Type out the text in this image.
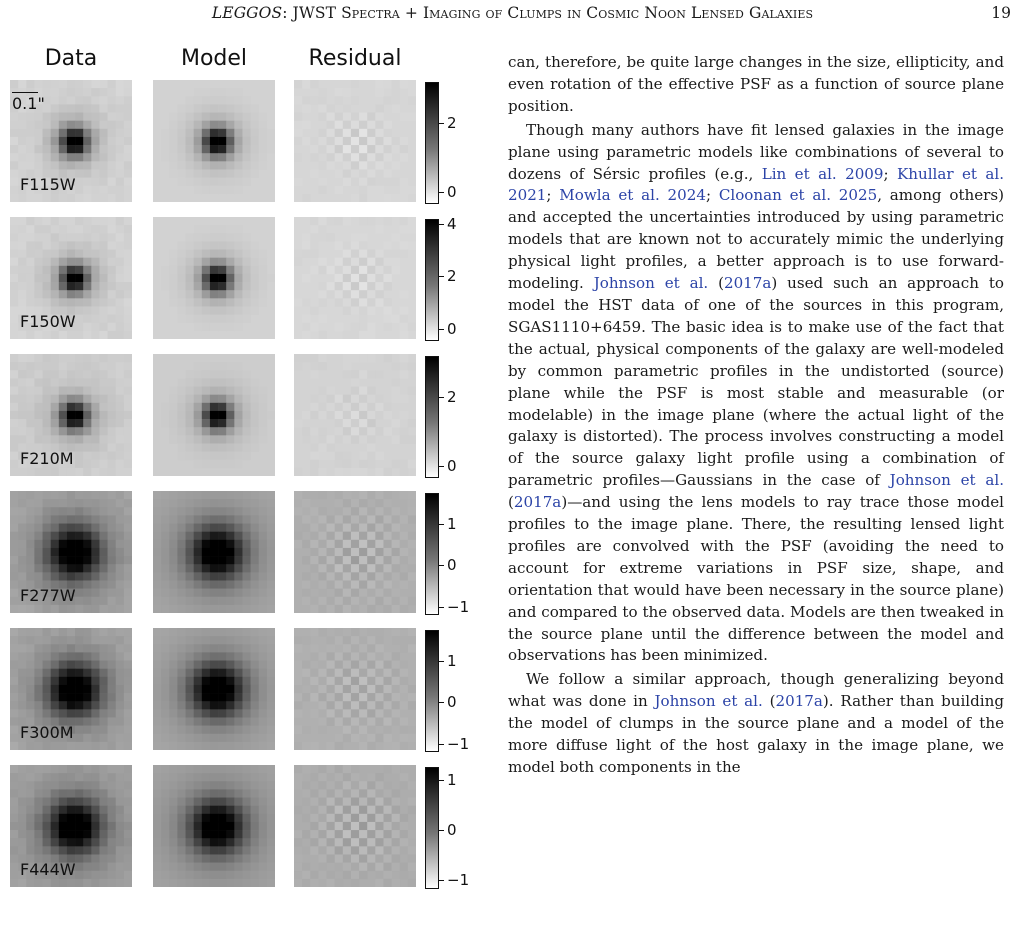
LEGGOS: JWST Spectra + Imaging of Clumps in Cosmic Noon Lensed Galaxies	19
Data	Model	Residual
F115W
2
0
F150W
4
2
0
F210M
2
0
F277W
1
0
−1
F300M
1
0
−1
F444W
1
0
−1
0.1"

can, therefore, be quite large changes in the size, ellipticity, and even rotation of the effective PSF as a function of source plane position.

Though many authors have fit lensed galaxies in the image plane using parametric models like combinations of several to dozens of Sérsic profiles (e.g., Lin et al. 2009; Khullar et al. 2021; Mowla et al. 2024; Cloonan et al. 2025, among others) and accepted the uncertainties introduced by using parametric models that are known not to accurately mimic the underlying physical light profiles, a better approach is to use forward-modeling. Johnson et al. (2017a) used such an approach to model the HST data of one of the sources in this program, SGAS1110+6459. The basic idea is to make use of the fact that the actual, physical components of the galaxy are well-modeled by common parametric profiles in the undistorted (source) plane while the PSF is most stable and measurable (or modelable) in the image plane (where the actual light of the galaxy is distorted). The process involves constructing a model of the source galaxy light profile using a combination of parametric profiles—Gaussians in the case of Johnson et al. (2017a)—and using the lens models to ray trace those model profiles to the image plane. There, the resulting lensed light profiles are convolved with the PSF (avoiding the need to account for extreme variations in PSF size, shape, and orientation that would have been necessary in the source plane) and compared to the observed data. Models are then tweaked in the source plane until the difference between the model and observations has been minimized.

We follow a similar approach, though generalizing beyond what was done in Johnson et al. (2017a). Rather than building the model of clumps in the source plane and a model of the more diffuse light of the host galaxy in the image plane, we model both components in the
